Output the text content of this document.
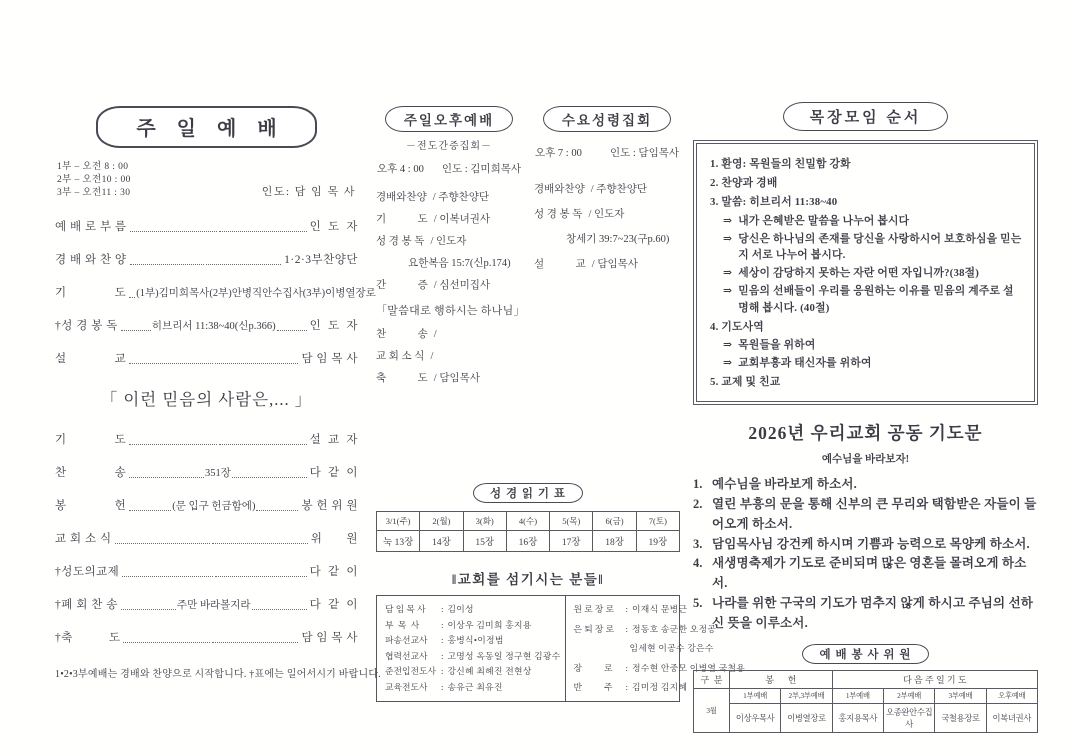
주 일 예 배
1부 – 오전 8 : 00
2부 – 오전10 : 00
3부 – 오전11 : 30	인도: 담 임 목 사
예 배 로 부 름	인  도  자
경 배 와 찬 양	1·2·3부찬양단
기　　　　도 (1부)김미희목사(2부)안병직안수집사(3부)이병열장로
†성 경 봉 독	히브리서 11:38~40(신p.366)	인  도  자
설　　　　교	담 임 목 사
「 이런 믿음의 사람은,... 」
기　　　　도	설  교  자
찬　　　　송	351장	다  같  이
봉　　　　헌	(문 입구 헌금함에)	봉 헌 위 원
교 회 소 식	위　　원
†성도의교제	다  같  이
†폐 회 찬 송	주만 바라볼지라	다  같  이
†축　　　도	담 임 목 사
1•2•3부예배는 경배와 찬양으로 시작합니다. †표에는 일어서시기 바랍니다.
주일오후예배
－전도간증집회－
오후 4 : 00 인도 : 김미희목사
경배와찬양 / 주향찬양단
기　　　도 / 이복녀권사
성 경 봉 독 / 인도자
요한복음 15:7(신p.174)
간　　　증 / 심선미집사
「말씀대로 행하시는 하나님」
찬　　　송 /
교 회 소 식 /
축　　　도 / 담임목사
수요성령집회
오후 7 : 00	인도 : 담임목사
경배와찬양 / 주향찬양단
성 경 봉 독 / 인도자
창세기 39:7~23(구p.60)
설　　　교 / 담임목사
성 경 읽 기 표
3/1(주)	2(월)	3(화)	4(수)	5(목)	6(금)	7(토)
눅 13장	14장	15장	16장	17장	18장	19장
‖교회를 섬기시는 분들‖
담 임 목 사	: 김이성
부  목  사	: 이상우 김미희 홍지용
파송선교사	: 홍병식•이정범
협력선교사	: 고명성 옥동일 정구현 김광수
준전입전도사 : 강신혜 최혜진 전현상
교육전도사	: 송유근 최유진
원 로 장 로	: 이재식 문병근
은 퇴 장 로	: 정동호 송군한 오정공
임세현 이공수 강은수
장　　  로	: 정수현 안중모 이병열 국철용
반　　  주	: 김미정 김지혜
목장모임 순서
1. 환영: 목원들의 친밀함 강화
2. 찬양과 경배
3. 말씀: 히브리서 11:38~40
⇒ 내가 은혜받은 말씀을 나누어 봅시다
⇒ 당신은 하나님의 존재를 당신을 사랑하시어 보호하심을 믿는지 서로 나누어 봅시다.
⇒ 세상이 감당하지 못하는 자란 어떤 자입니까?(38절)
⇒ 믿음의 선배들이 우리를 응원하는 이유를 믿음의 계주로 설명해 봅시다. (40절)
4. 기도사역
⇒ 목원들을 위하여
⇒ 교회부흥과 태신자를 위하여
5. 교제 및 친교
2026년 우리교회 공동 기도문
예수님을 바라보자!
1. 예수님을 바라보게 하소서.
2. 열린 부흥의 문을 통해 신부의 큰 무리와 택함받은 자들이 들어오게 하소서.
3. 담임목사님 강건케 하시며 기쁨과 능력으로 목양케 하소서.
4. 새생명축제가 기도로 준비되며 많은 영혼들 몰려오게 하소서.
5. 나라를 위한 구국의 기도가 멈추지 않게 하시고 주님의 선하신 뜻을 이루소서.
예 배 봉 사 위 원
구  분	봉      헌		다 음 주 일 기 도			
3월	1부예배	2부,3부예배	1부예배	2부예배	3부예배	오후예배
	이상우목사	이병열장로	홍지용목사	오종완안수집사	국철용장로	이복녀권사
